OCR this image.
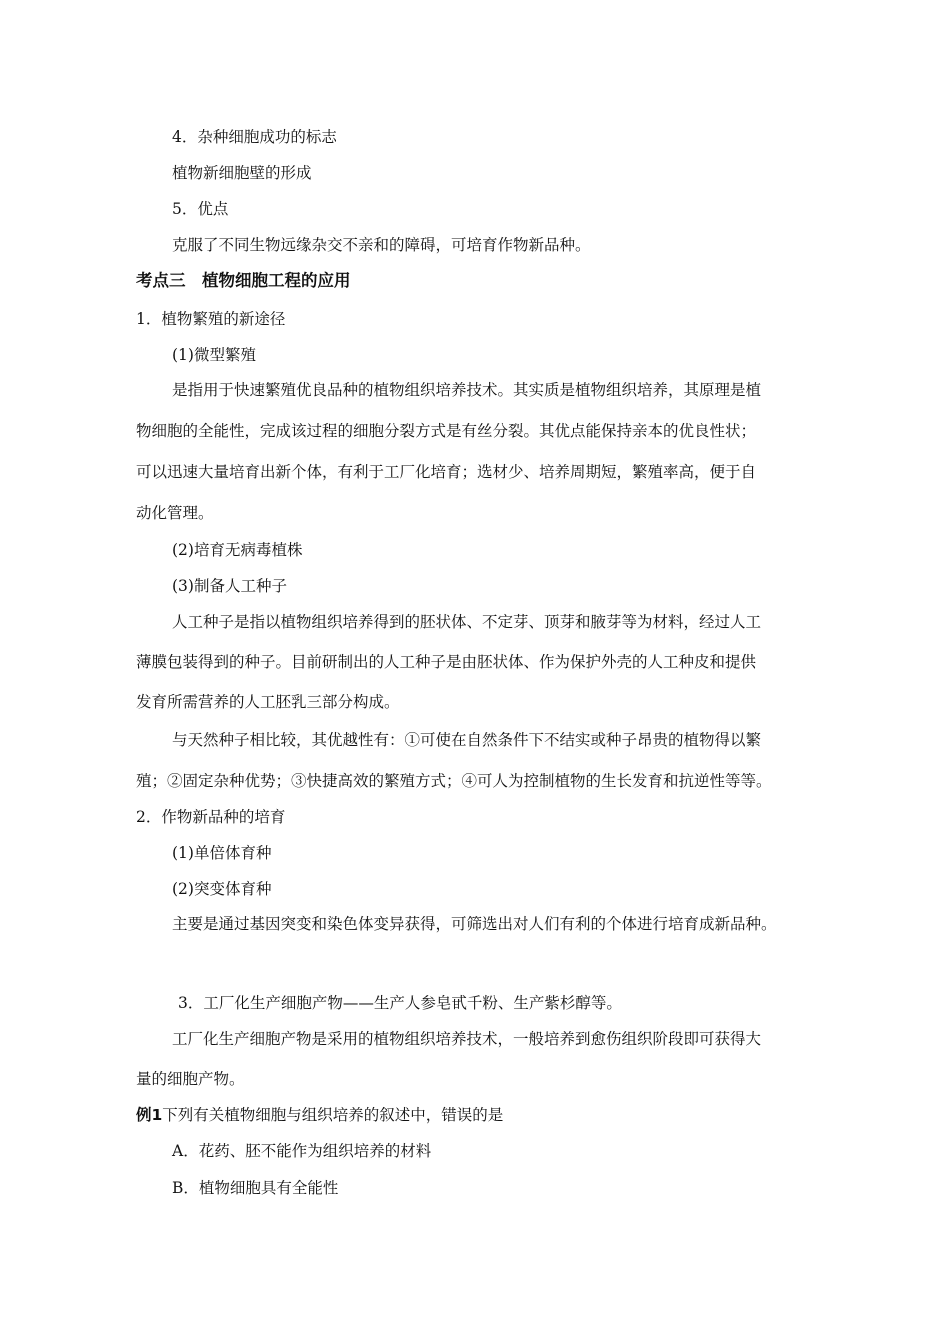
4．杂种细胞成功的标志
植物新细胞壁的形成
5．优点
克服了不同生物远缘杂交不亲和的障碍，可培育作物新品种。
考点三　植物细胞工程的应用
1．植物繁殖的新途径
(1)微型繁殖
是指用于快速繁殖优良品种的植物组织培养技术。其实质是植物组织培养，其原理是植
物细胞的全能性，完成该过程的细胞分裂方式是有丝分裂。其优点能保持亲本的优良性状；
可以迅速大量培育出新个体，有利于工厂化培育；选材少、培养周期短，繁殖率高，便于自
动化管理。
(2)培育无病毒植株
(3)制备人工种子
人工种子是指以植物组织培养得到的胚状体、不定芽、顶芽和腋芽等为材料，经过人工
薄膜包装得到的种子。目前研制出的人工种子是由胚状体、作为保护外壳的人工种皮和提供
发育所需营养的人工胚乳三部分构成。
与天然种子相比较，其优越性有：①可使在自然条件下不结实或种子昂贵的植物得以繁
殖；②固定杂种优势；③快捷高效的繁殖方式；④可人为控制植物的生长发育和抗逆性等等。
2．作物新品种的培育
(1)单倍体育种
(2)突变体育种
主要是通过基因突变和染色体变异获得，可筛选出对人们有利的个体进行培育成新品种。
3．工厂化生产细胞产物——生产人参皂甙千粉、生产紫杉醇等。
工厂化生产细胞产物是采用的植物组织培养技术，一般培养到愈伤组织阶段即可获得大
量的细胞产物。
例1下列有关植物细胞与组织培养的叙述中，错误的是
A．花药、胚不能作为组织培养的材料
B．植物细胞具有全能性
